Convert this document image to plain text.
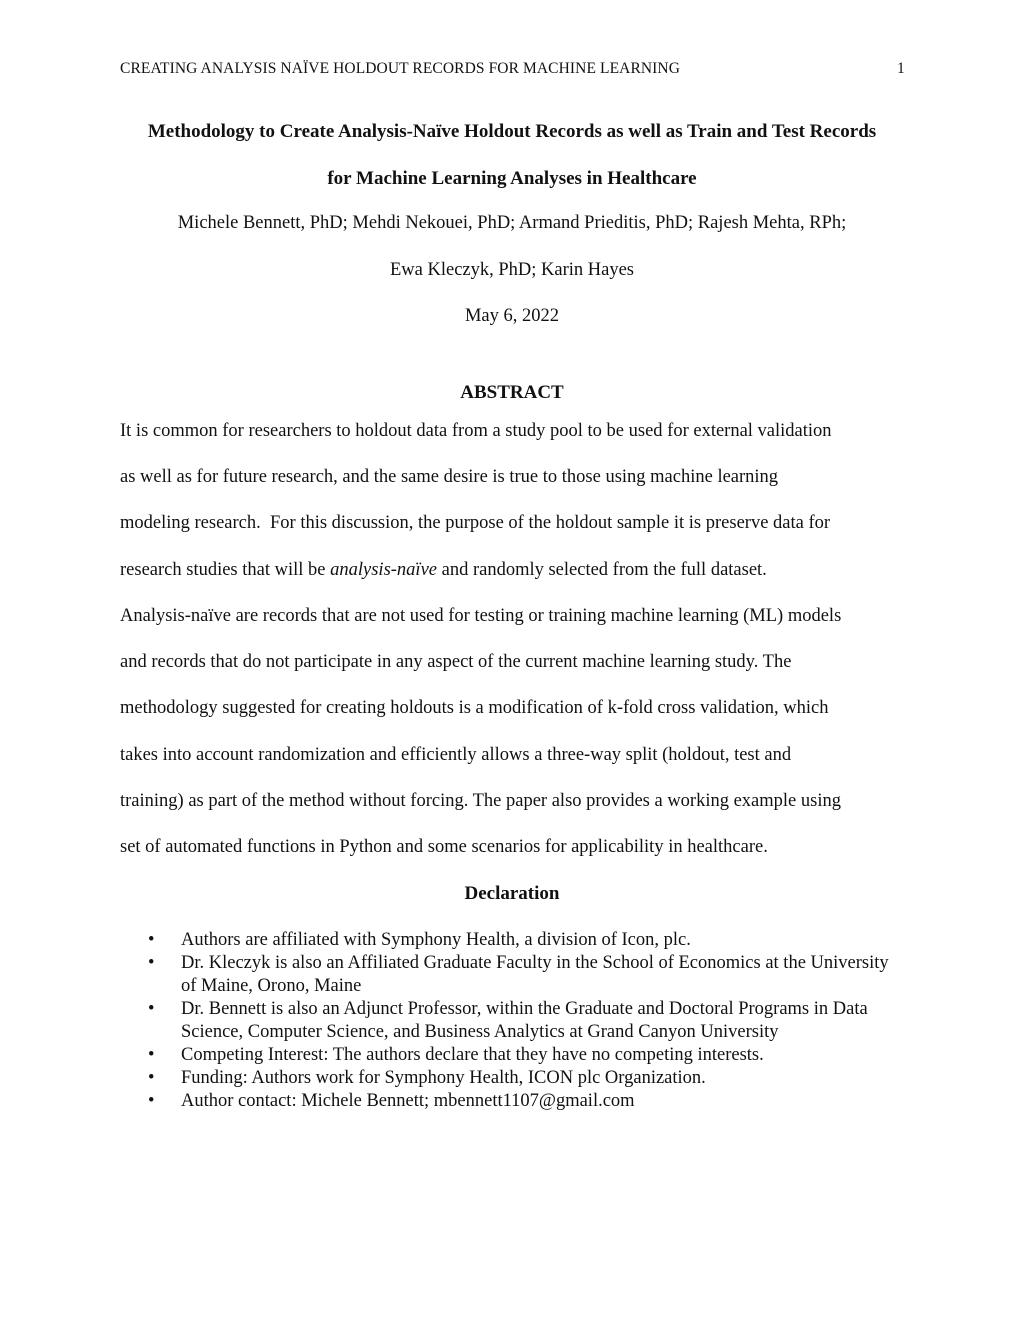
CREATING ANALYSIS NAÏVE HOLDOUT RECORDS FOR MACHINE LEARNING	1
Methodology to Create Analysis-Naïve Holdout Records as well as Train and Test Records
for Machine Learning Analyses in Healthcare
Michele Bennett, PhD; Mehdi Nekouei, PhD; Armand Prieditis, PhD; Rajesh Mehta, RPh;
Ewa Kleczyk, PhD; Karin Hayes
May 6, 2022
ABSTRACT
It is common for researchers to holdout data from a study pool to be used for external validation
as well as for future research, and the same desire is true to those using machine learning
modeling research.  For this discussion, the purpose of the holdout sample it is preserve data for
research studies that will be analysis-naïve and randomly selected from the full dataset.
Analysis-naïve are records that are not used for testing or training machine learning (ML) models
and records that do not participate in any aspect of the current machine learning study. The
methodology suggested for creating holdouts is a modification of k-fold cross validation, which
takes into account randomization and efficiently allows a three-way split (holdout, test and
training) as part of the method without forcing. The paper also provides a working example using
set of automated functions in Python and some scenarios for applicability in healthcare.
Declaration
• Authors are affiliated with Symphony Health, a division of Icon, plc.
• Dr. Kleczyk is also an Affiliated Graduate Faculty in the School of Economics at the University of Maine, Orono, Maine
• Dr. Bennett is also an Adjunct Professor, within the Graduate and Doctoral Programs in Data Science, Computer Science, and Business Analytics at Grand Canyon University
• Competing Interest: The authors declare that they have no competing interests.
• Funding: Authors work for Symphony Health, ICON plc Organization.
• Author contact: Michele Bennett; mbennett1107@gmail.com
